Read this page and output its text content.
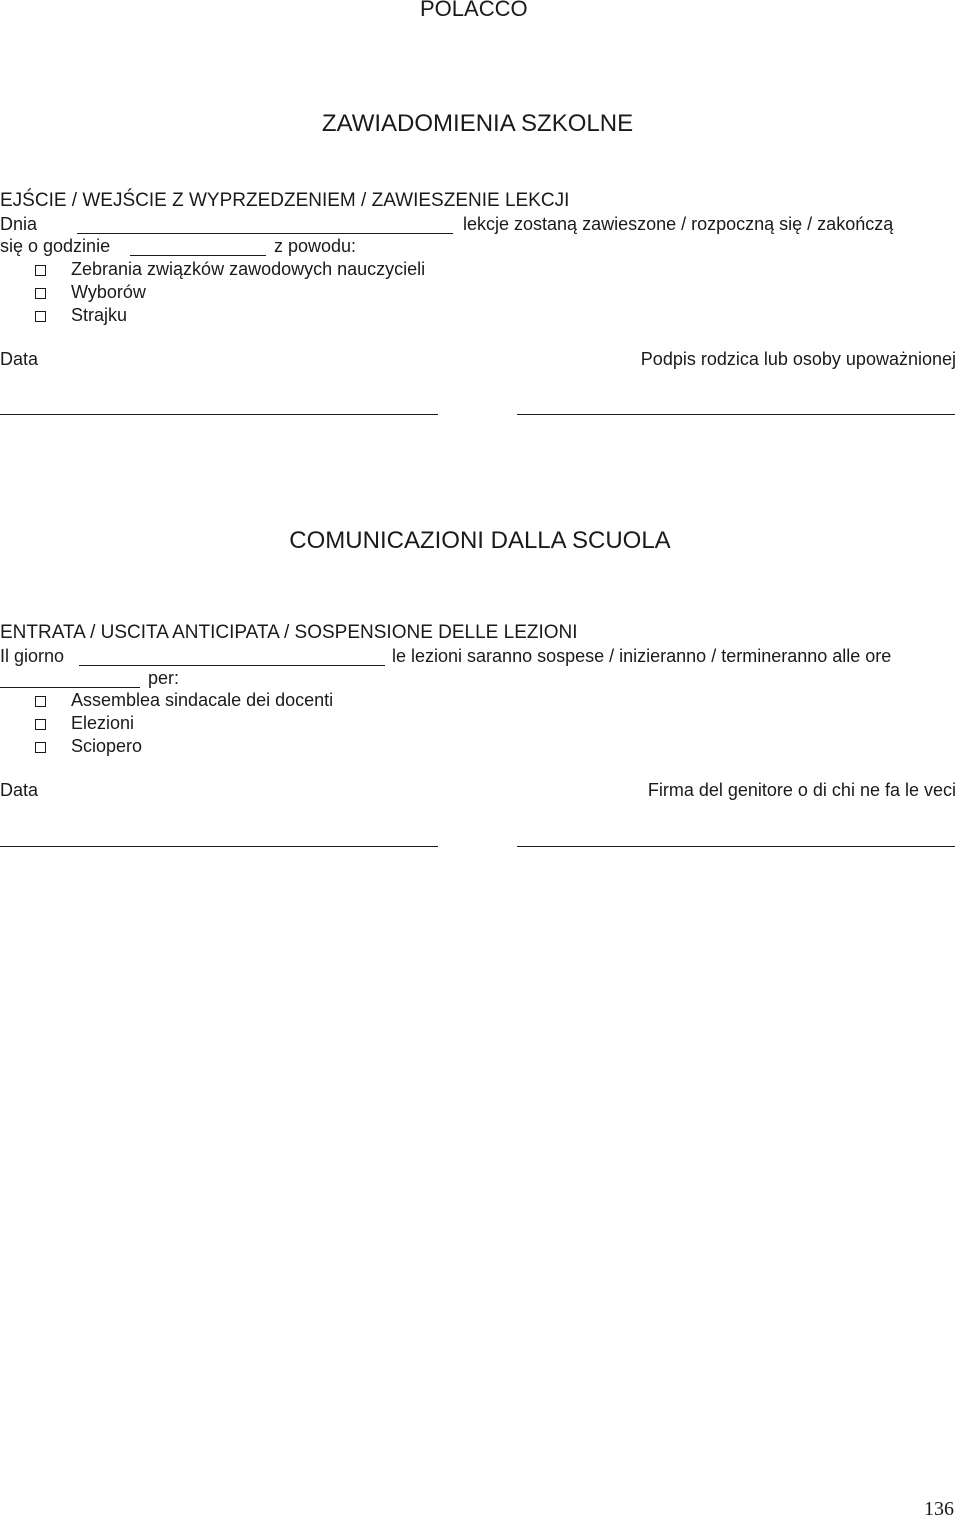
POLACCO
ZAWIADOMIENIA SZKOLNE
EJŚCIE / WEJŚCIE Z WYPRZEDZENIEM / ZAWIESZENIE LEKCJI
Dnia	lekcje zostaną zawieszone / rozpoczną się / zakończą
się o godzinie	z powodu:
Zebrania związków zawodowych nauczycieli
Wyborów
Strajku
Data	Podpis rodzica lub osoby upoważnionej
COMUNICAZIONI DALLA SCUOLA
ENTRATA / USCITA ANTICIPATA / SOSPENSIONE DELLE LEZIONI
Il giorno	le lezioni saranno sospese / inizieranno / termineranno alle ore
per:
Assemblea sindacale dei docenti
Elezioni
Sciopero
Data	Firma del genitore o di chi ne fa le veci
136
